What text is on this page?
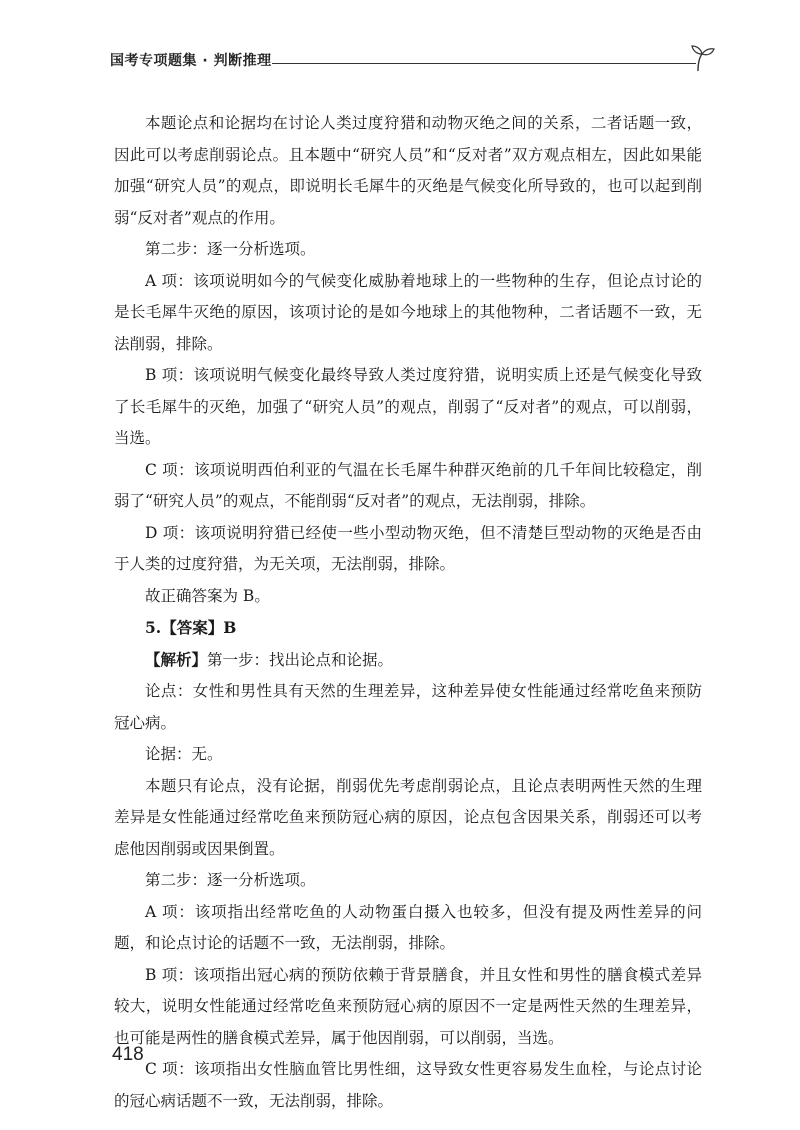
国考专项题集 · 判断推理

本题论点和论据均在讨论人类过度狩猎和动物灭绝之间的关系，二者话题一致，因此可以考虑削弱论点。且本题中“研究人员”和“反对者”双方观点相左，因此如果能加强“研究人员”的观点，即说明长毛犀牛的灭绝是气候变化所导致的，也可以起到削弱“反对者”观点的作用。

第二步：逐一分析选项。

A 项：该项说明如今的气候变化威胁着地球上的一些物种的生存，但论点讨论的是长毛犀牛灭绝的原因，该项讨论的是如今地球上的其他物种，二者话题不一致，无法削弱，排除。

B 项：该项说明气候变化最终导致人类过度狩猎，说明实质上还是气候变化导致了长毛犀牛的灭绝，加强了“研究人员”的观点，削弱了“反对者”的观点，可以削弱，当选。

C 项：该项说明西伯利亚的气温在长毛犀牛种群灭绝前的几千年间比较稳定，削弱了“研究人员”的观点，不能削弱“反对者”的观点，无法削弱，排除。

D 项：该项说明狩猎已经使一些小型动物灭绝，但不清楚巨型动物的灭绝是否由于人类的过度狩猎，为无关项，无法削弱，排除。

故正确答案为 B。

5.【答案】B

【解析】第一步：找出论点和论据。

论点：女性和男性具有天然的生理差异，这种差异使女性能通过经常吃鱼来预防冠心病。

论据：无。

本题只有论点，没有论据，削弱优先考虑削弱论点，且论点表明两性天然的生理差异是女性能通过经常吃鱼来预防冠心病的原因，论点包含因果关系，削弱还可以考虑他因削弱或因果倒置。

第二步：逐一分析选项。

A 项：该项指出经常吃鱼的人动物蛋白摄入也较多，但没有提及两性差异的问题，和论点讨论的话题不一致，无法削弱，排除。

B 项：该项指出冠心病的预防依赖于背景膳食，并且女性和男性的膳食模式差异较大，说明女性能通过经常吃鱼来预防冠心病的原因不一定是两性天然的生理差异，也可能是两性的膳食模式差异，属于他因削弱，可以削弱，当选。

C 项：该项指出女性脑血管比男性细，这导致女性更容易发生血栓，与论点讨论的冠心病话题不一致，无法削弱，排除。

418
